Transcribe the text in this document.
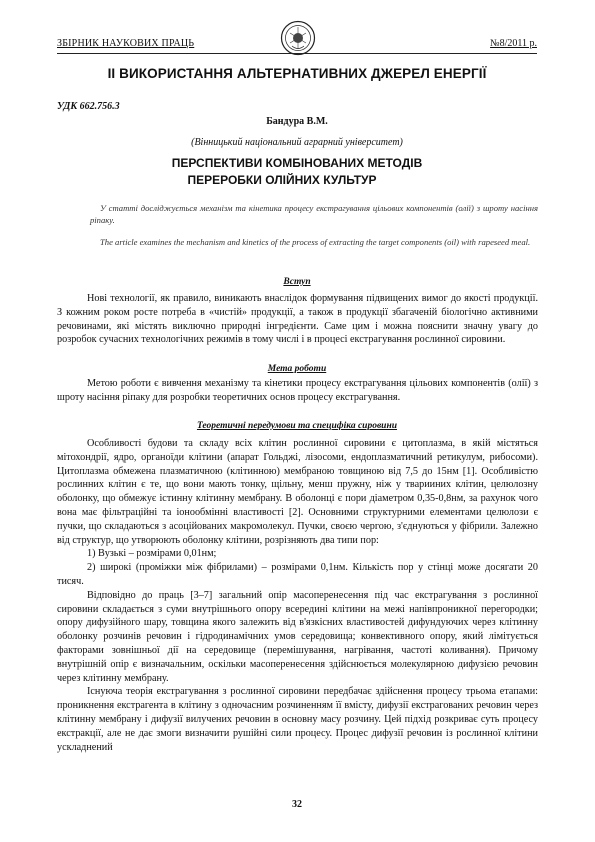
ЗБІРНИК НАУКОВИХ ПРАЦЬ	№8/2011 р.
ІІ ВИКОРИСТАННЯ АЛЬТЕРНАТИВНИХ ДЖЕРЕЛ ЕНЕРГІЇ
УДК 662.756.3
Бандура В.М.
(Вінницький національний аграрний університет)
ПЕРСПЕКТИВИ КОМБІНОВАНИХ МЕТОДІВ
ПЕРЕРОБКИ ОЛІЙНИХ КУЛЬТУР

У статті досліджується механізм та кінетика процесу екстрагування цільових компонентів (олії) з шроту насіння ріпаку.

The article examines the mechanism and kinetics of the process of extracting the target components (oil) with rapeseed meal.

Вступ

Нові технології, як правило, виникають внаслідок формування підвищених вимог до якості продукції. З кожним роком росте потреба в «чистій» продукції, а також в продукції збагаченій біологічно активними речовинами, які містять виключно природні інгредієнти. Саме цим і можна пояснити значну увагу до розробок сучасних технологічних режимів в тому числі і в процесі екстрагування рослинної сировини.

Мета роботи

Метою роботи є вивчення механізму та кінетики процесу екстрагування цільових компонентів (олії) з шроту насіння ріпаку для розробки теоретичних основ процесу екстрагування.

Теоретичні передумови та специфіка сировини

Особливості будови та складу всіх клітин рослинної сировини є цитоплазма, в якій містяться мітохондрії, ядро, органоїди клітини (апарат Гольджі, лізосоми, ендоплазматичний ретикулум, рибосоми). Цитоплазма обмежена плазматичною (клітинною) мембраною товщиною від 7,5 до 15нм [1]. Особливістю рослинних клітин є те, що вони мають тонку, щільну, менш пружну, ніж у тварииних клітин, целюлозну оболонку, що обмежує істинну клітинну мембрану. В оболонці є пори діаметром 0,35-0,8нм, за рахунок чого вона має фільтраційні та іонообмінні властивості [2]. Основними структурними елементами целюлози є пучки, що складаються з асоційованих макромолекул. Пучки, своєю чергою, з'єднуються у фібрили. Залежно від структур, що утворюють оболонку клітини, розрізняють два типи пор:

1) Вузькі – розмірами 0,01нм;
2) широкі (проміжки між фібрилами) – розмірами 0,1нм. Кількість пор у стінці може досягати 20 тисяч.

Відповідно до праць [3–7] загальний опір масоперенесення під час екстрагування з рослинної сировини складається з суми внутрішнього опору всередині клітини на межі напівпроникної перегородки; опору дифузійного шару, товщина якого залежить від в'язкісних властивостей дифундуючих через клітинну оболонку розчинів речовин і гідродинамічних умов середовища; конвективного опору, який лімітується факторами зовнішньої дії на середовище (перемішування, нагрівання, частоті коливання). Причому внутрішній опір є визначальним, оскільки масоперенесення здійснюється молекулярною дифузією речовин через клітинну мембрану.

Існуюча теорія екстрагування з рослинної сировини передбачає здійснення процесу трьома етапами: проникнення екстрагента в клітину з одночасним розчиненням її вмісту, дифузії екстрагованих речовин через клітинну мембрану і дифузії вилучених речовин в основну масу розчину. Цей підхід розкриває суть процесу екстракції, але не дає змоги визначити рушійні сили процесу. Процес дифузії речовин із рослинної клітини ускладнений

32
